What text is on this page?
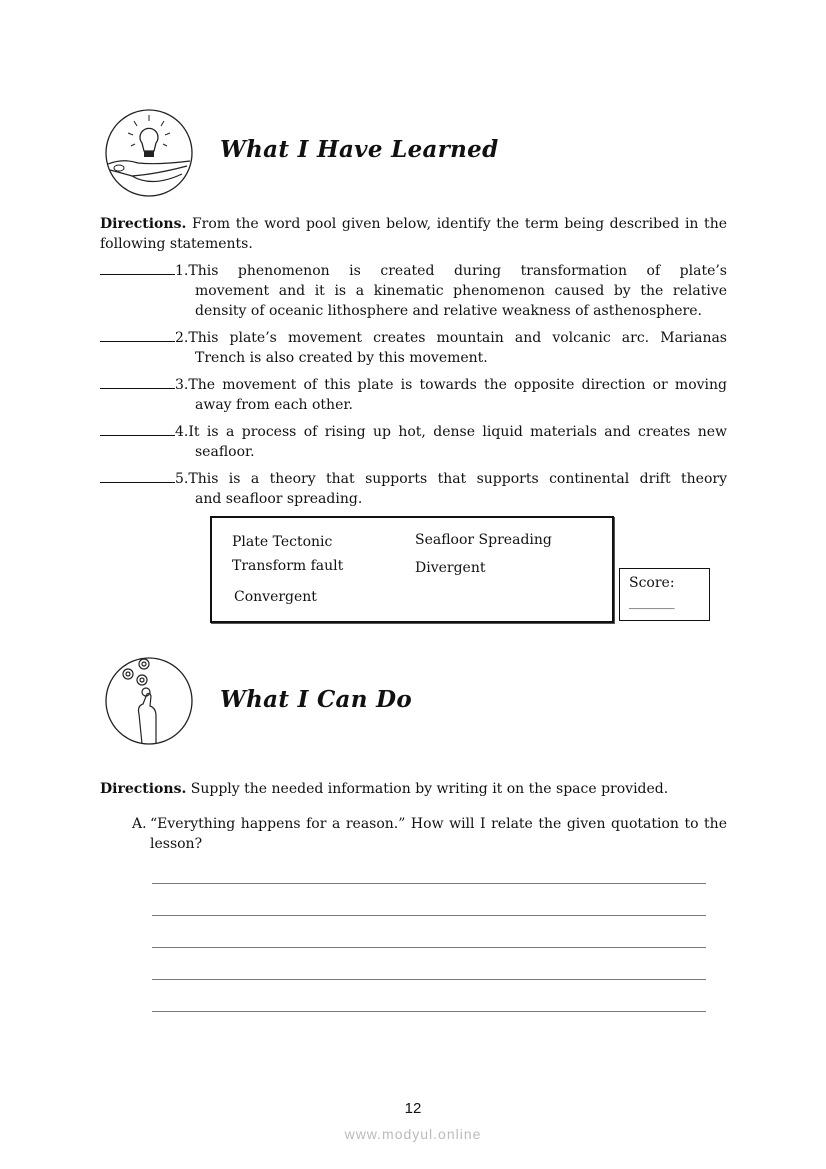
What I Have Learned
Directions. From the word pool given below, identify the term being described in the following statements.
1. This phenomenon is created during transformation of plate’s
movement and it is a kinematic phenomenon caused by the relative density of oceanic lithosphere and relative weakness of asthenosphere.
2. This plate’s movement creates mountain and volcanic arc. Marianas
Trench is also created by this movement.
3. The movement of this plate is towards the opposite direction or moving
away from each other.
4. It is a process of rising up hot, dense liquid materials and creates new
seafloor.
5. This is a theory that supports that supports continental drift theory
and seafloor spreading.
Plate Tectonic
Transform fault
Convergent
Seafloor Spreading
Divergent
Score:
_______
What I Can Do
Directions. Supply the needed information by writing it on the space provided.
A. “Everything happens for a reason.” How will I relate the given quotation to the lesson?
12
www.modyul.online
